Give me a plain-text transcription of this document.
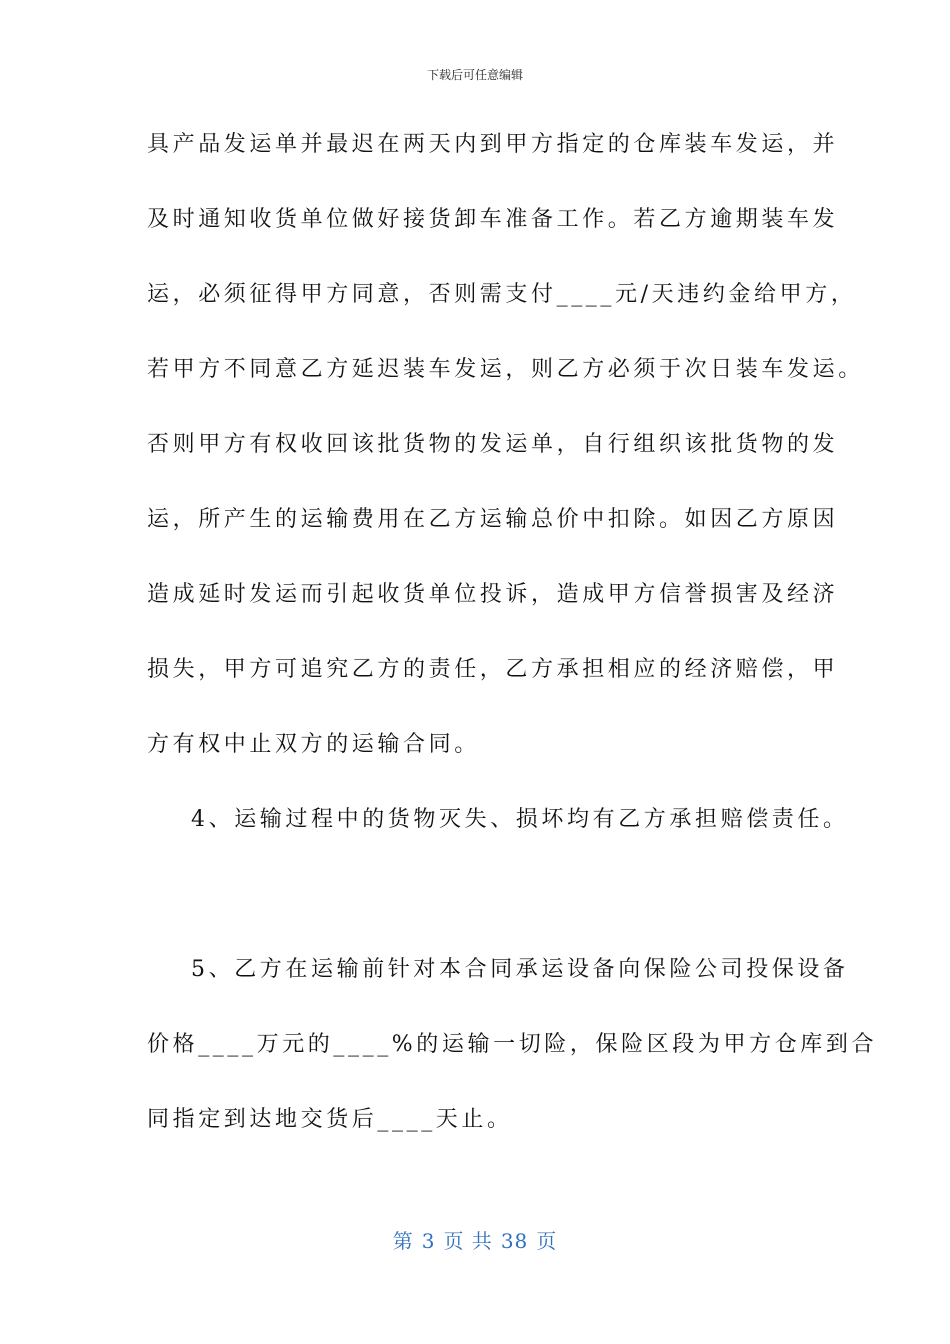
下载后可任意编辑
具产品发运单并最迟在两天内到甲方指定的仓库装车发运，并
及时通知收货单位做好接货卸车准备工作。若乙方逾期装车发
运，必须征得甲方同意，否则需支付____元/天违约金给甲方，
若甲方不同意乙方延迟装车发运，则乙方必须于次日装车发运。
否则甲方有权收回该批货物的发运单，自行组织该批货物的发
运，所产生的运输费用在乙方运输总价中扣除。如因乙方原因
造成延时发运而引起收货单位投诉，造成甲方信誉损害及经济
损失，甲方可追究乙方的责任，乙方承担相应的经济赔偿，甲
方有权中止双方的运输合同。
4、运输过程中的货物灭失、损坏均有乙方承担赔偿责任。
5、乙方在运输前针对本合同承运设备向保险公司投保设备
价格____万元的____%的运输一切险，保险区段为甲方仓库到合
同指定到达地交货后____天止。
第 3 页 共 38 页
